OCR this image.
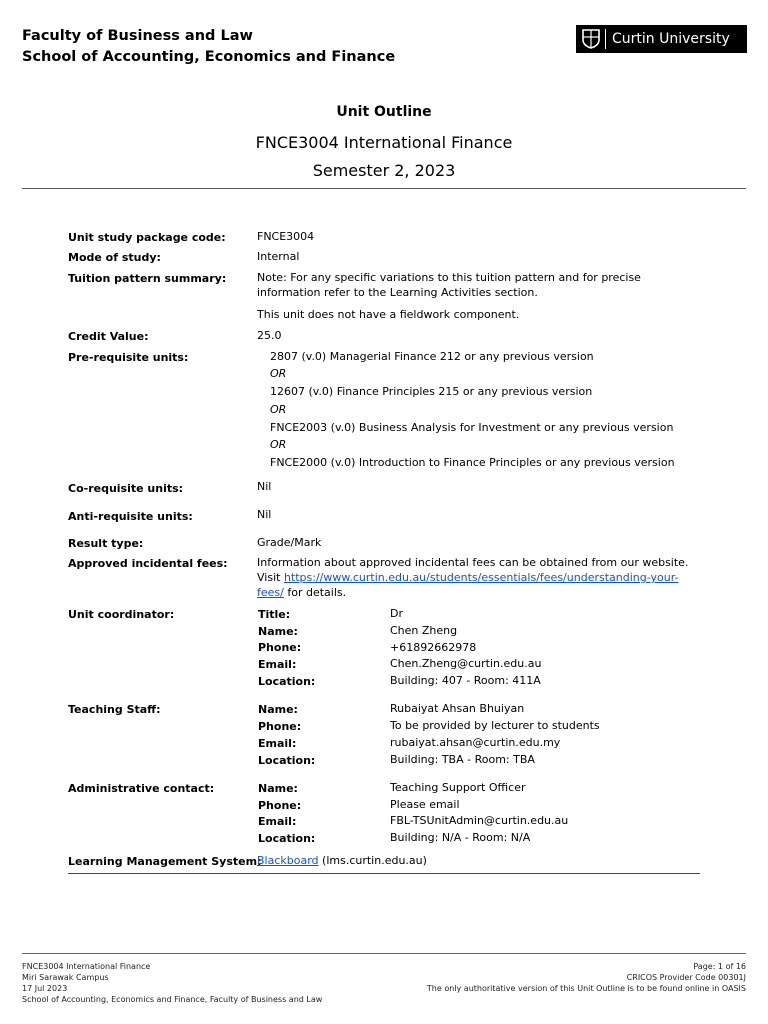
Faculty of Business and Law
School of Accounting, Economics and Finance
Curtin University
Unit Outline
FNCE3004 International Finance
Semester 2, 2023
Unit study package code:	FNCE3004
Mode of study:	Internal
Tuition pattern summary:	Note: For any specific variations to this tuition pattern and for precise
information refer to the Learning Activities section.
This unit does not have a fieldwork component.
Credit Value:	25.0
Pre-requisite units:	2807 (v.0) Managerial Finance 212 or any previous version
OR
12607 (v.0) Finance Principles 215 or any previous version
OR
FNCE2003 (v.0) Business Analysis for Investment or any previous version
OR
FNCE2000 (v.0) Introduction to Finance Principles or any previous version
Co-requisite units:	Nil
Anti-requisite units:	Nil
Result type:	Grade/Mark
Approved incidental fees:	Information about approved incidental fees can be obtained from our website.
Visit https://www.curtin.edu.au/students/essentials/fees/understanding-your-
fees/ for details.
Unit coordinator:	Title:	Dr
Name:	Chen Zheng
Phone:	+61892662978
Email:	Chen.Zheng@curtin.edu.au
Location:	Building: 407 - Room: 411A
Teaching Staff:	Name:	Rubaiyat Ahsan Bhuiyan
Phone:	To be provided by lecturer to students
Email:	rubaiyat.ahsan@curtin.edu.my
Location:	Building: TBA - Room: TBA
Administrative contact:	Name:	Teaching Support Officer
Phone:	Please email
Email:	FBL-TSUnitAdmin@curtin.edu.au
Location:	Building: N/A - Room: N/A
Learning Management System:
Blackboard (lms.curtin.edu.au)
FNCE3004 International Finance
Miri Sarawak Campus
17 Jul 2023
School of Accounting, Economics and Finance, Faculty of Business and Law
Page: 1 of 16
CRICOS Provider Code 00301J
The only authoritative version of this Unit Outline is to be found online in OASIS
